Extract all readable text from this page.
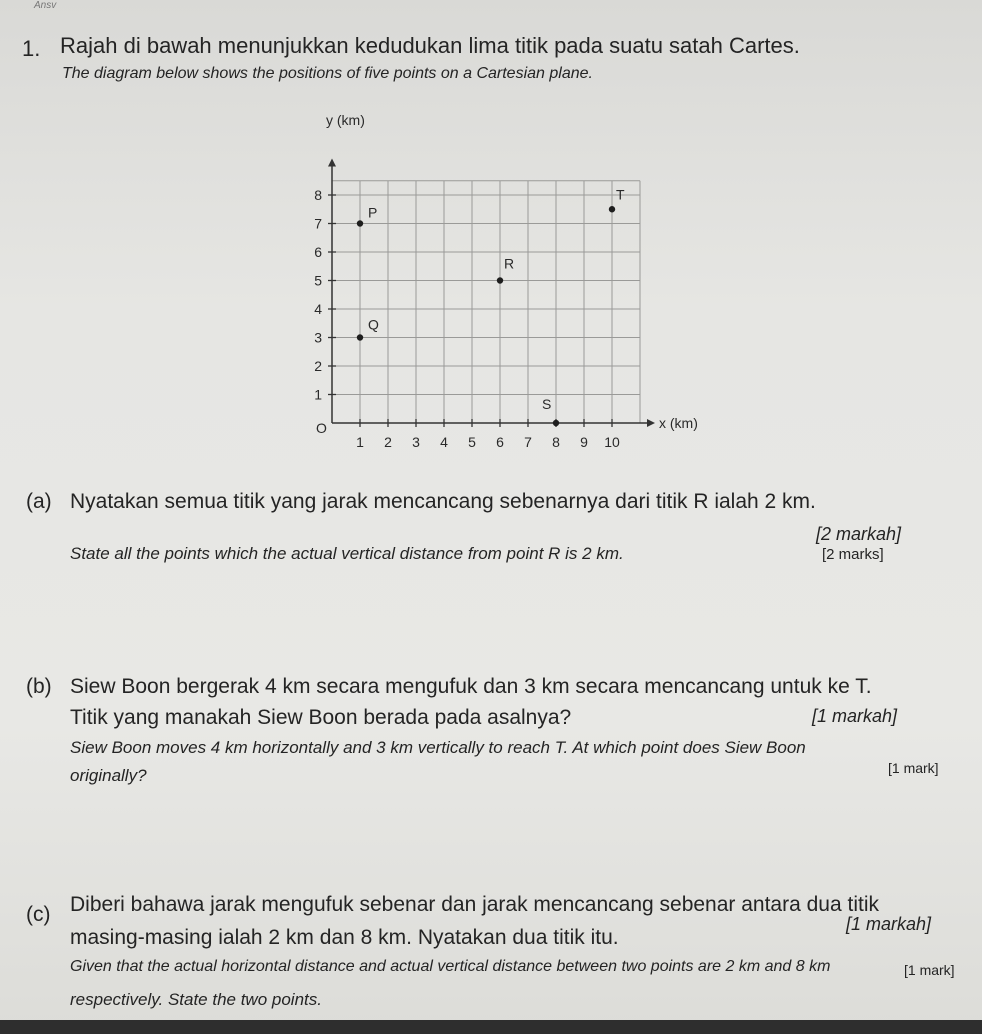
Ansv
1. Rajah di bawah menunjukkan kedudukan lima titik pada suatu satah Cartes.
The diagram below shows the positions of five points on a Cartesian plane.
1 2 3 4 5 6 7 8 9 10
1
2
3
4
5
6
7
8
P
Q
R
S
T
y (km)
x (km)
O
(a) Nyatakan semua titik yang jarak mencancang sebenarnya dari titik R ialah 2 km.
[2 markah]
State all the points which the actual vertical distance from point R is 2 km.	[2 marks]
(b) Siew Boon bergerak 4 km secara mengufuk dan 3 km secara mencancang untuk ke T.
Titik yang manakah Siew Boon berada pada asalnya?	[1 markah]
Siew Boon moves 4 km horizontally and 3 km vertically to reach T. At which point does Siew Boon
[1 mark]
originally?
(c) Diberi bahawa jarak mengufuk sebenar dan jarak mencancang sebenar antara dua titik
masing-masing ialah 2 km dan 8 km. Nyatakan dua titik itu.
[1 markah]
Given that the actual horizontal distance and actual vertical distance between two points are 2 km and 8 km	[1 mark]
respectively. State the two points.
